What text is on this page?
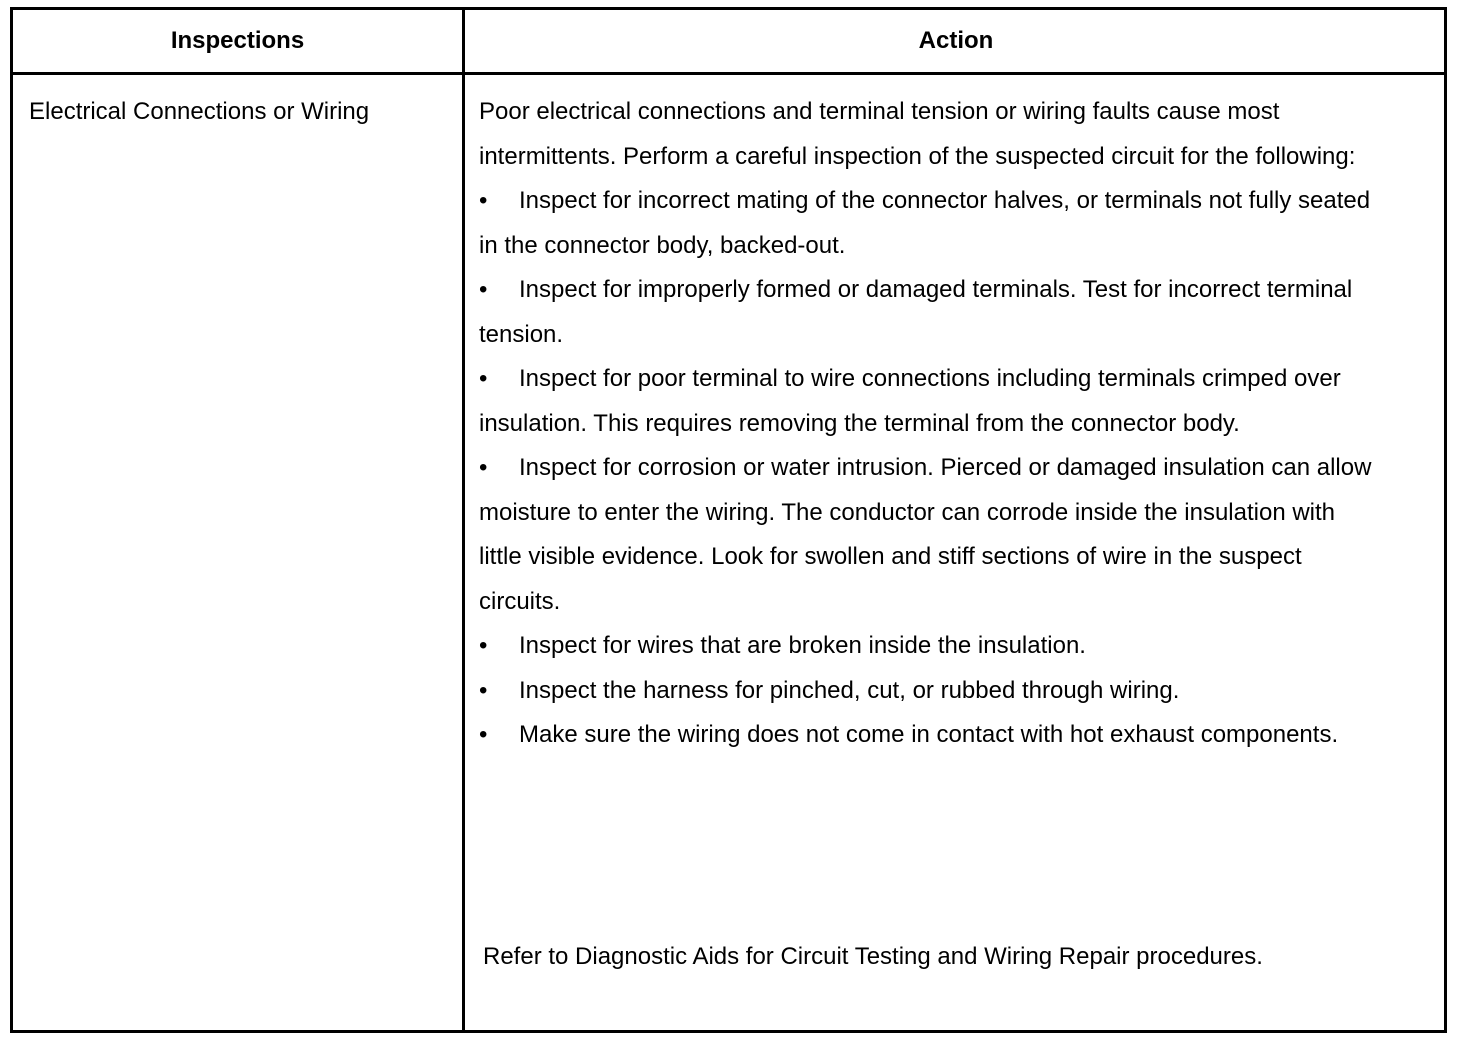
Inspections	Action
Electrical Connections or Wiring	Poor electrical connections and terminal tension or wiring faults cause most intermittents. Perform a careful inspection of the suspected circuit for the following:

• Inspect for incorrect mating of the connector halves, or terminals not fully seated in the connector body, backed-out.

• Inspect for improperly formed or damaged terminals. Test for incorrect terminal tension.

• Inspect for poor terminal to wire connections including terminals crimped over insulation. This requires removing the terminal from the connector body.

• Inspect for corrosion or water intrusion. Pierced or damaged insulation can allow moisture to enter the wiring. The conductor can corrode inside the insulation with little visible evidence. Look for swollen and stiff sections of wire in the suspect circuits.

• Inspect for wires that are broken inside the insulation.

• Inspect the harness for pinched, cut, or rubbed through wiring.

• Make sure the wiring does not come in contact with hot exhaust components.

Refer to Diagnostic Aids for Circuit Testing and Wiring Repair procedures.
